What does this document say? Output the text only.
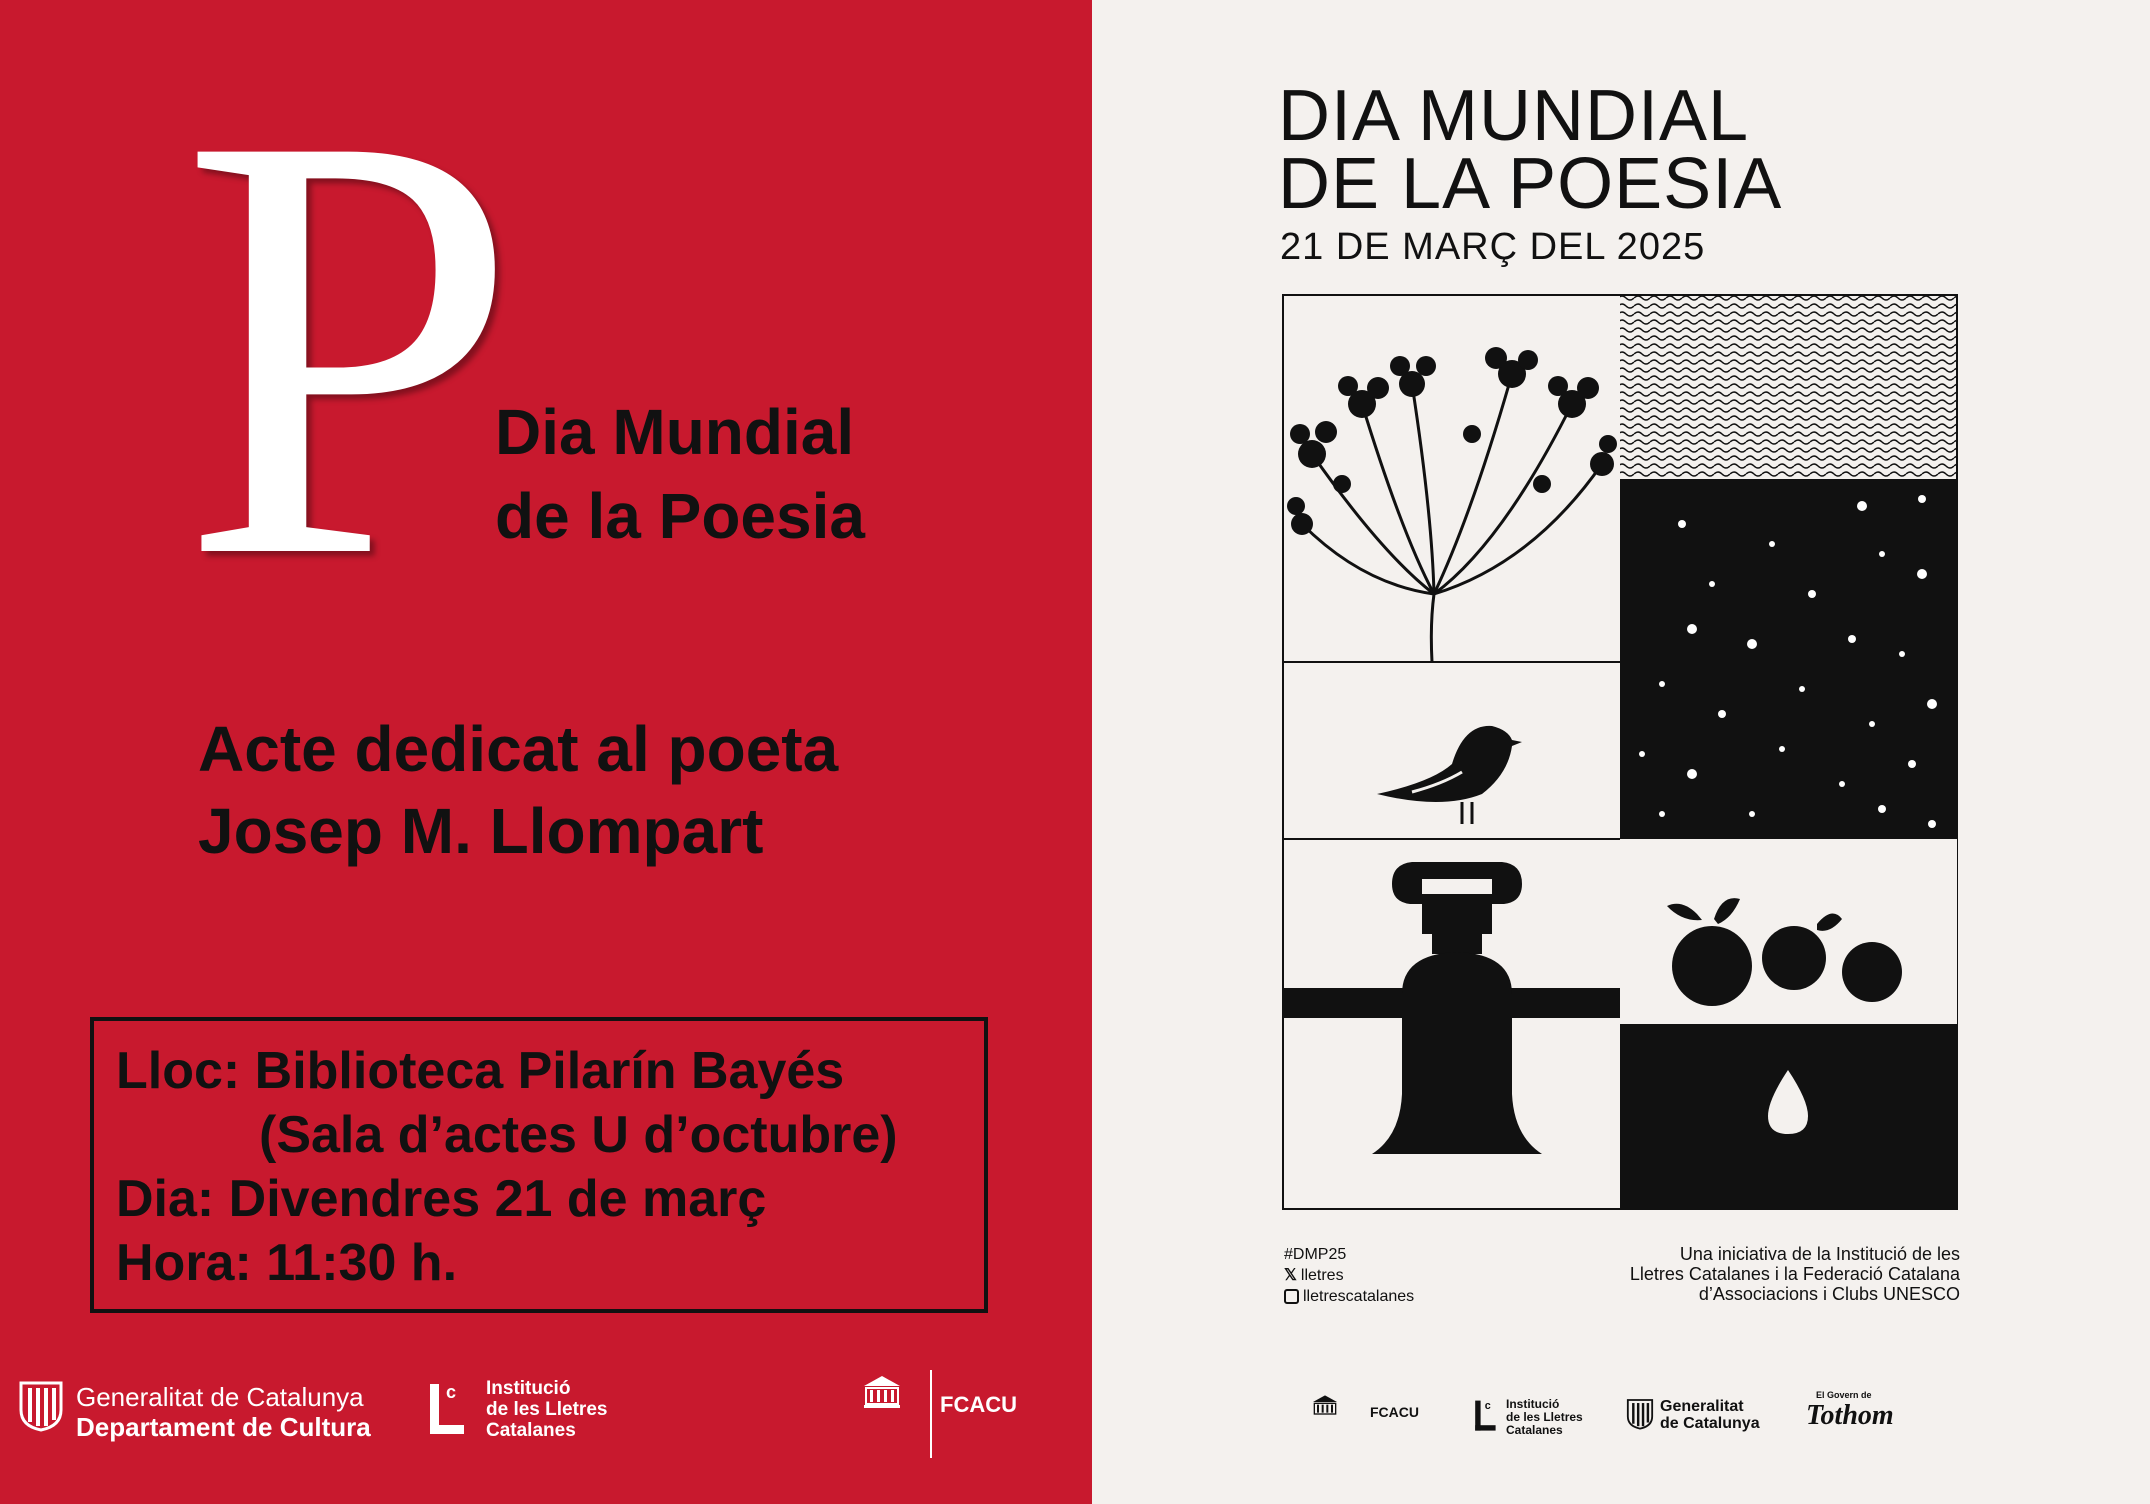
P
Dia Mundial
de la Poesia
Acte dedicat al poeta
Josep M. Llompart
Lloc: Biblioteca Pilarín Bayés
(Sala d’actes U d’octubre)
Dia: Divendres 21 de març
Hora: 11:30 h.
Generalitat de Catalunya
Departament de Cultura
c Institució
de les Lletres
Catalanes
FCACU
DIA MUNDIAL
DE LA POESIA
21 DE MARÇ DEL 2025
#DMP25
𝕏 lletres
lletrescatalanes
Una iniciativa de la Institució de les
Lletres Catalanes i la Federació Catalana
d’Associacions i Clubs UNESCO
FCACU	c Institució
de les Lletres
Catalanes
Generalitat
de Catalunya
El Govern de
Tothom
